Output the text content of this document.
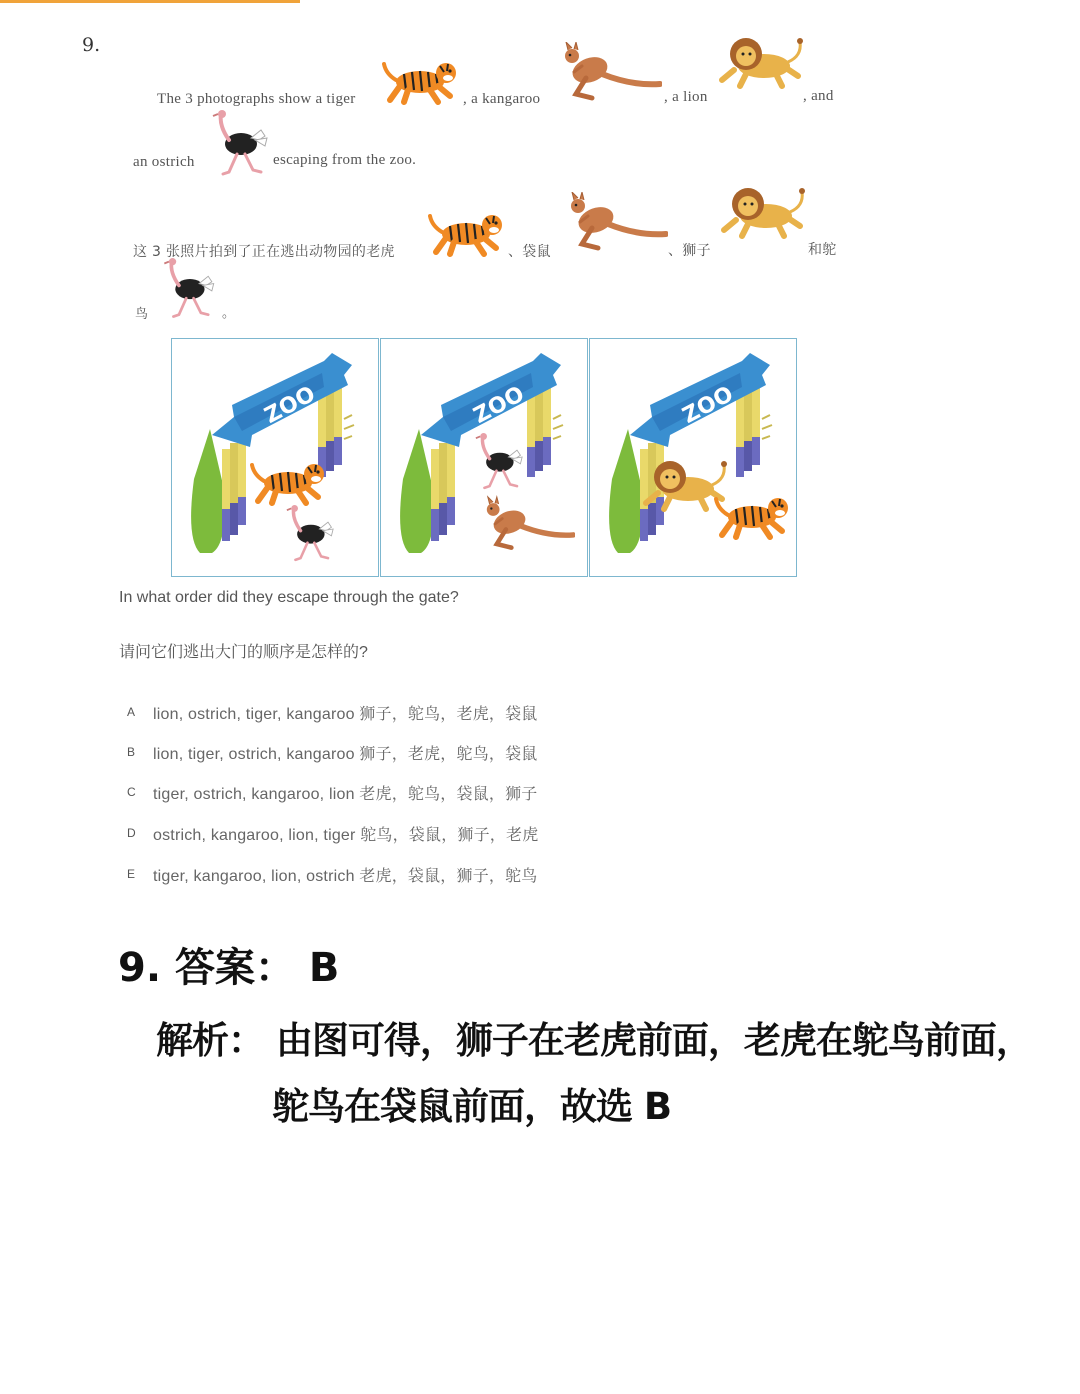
9.
The 3 photographs show a tiger	, a kangaroo	, a lion	, and
an ostrich	escaping from the zoo.
这 3 张照片拍到了正在逃出动物园的老虎	、袋鼠	、狮子	和鸵
鸟	。
In what order did they escape through the gate?
请问它们逃出大门的顺序是怎样的?
A	lion, ostrich, tiger, kangaroo 狮子，鸵鸟，老虎，袋鼠
B	lion, tiger, ostrich, kangaroo 狮子，老虎，鸵鸟，袋鼠
C	tiger, ostrich, kangaroo, lion 老虎，鸵鸟，袋鼠，狮子
D	ostrich, kangaroo, lion, tiger 鸵鸟，袋鼠，狮子，老虎
E	tiger, kangaroo, lion, ostrich 老虎，袋鼠，狮子，鸵鸟
9. 答案： B
解析： 由图可得，狮子在老虎前面，老虎在鸵鸟前面，
鸵鸟在袋鼠前面，故选 B
